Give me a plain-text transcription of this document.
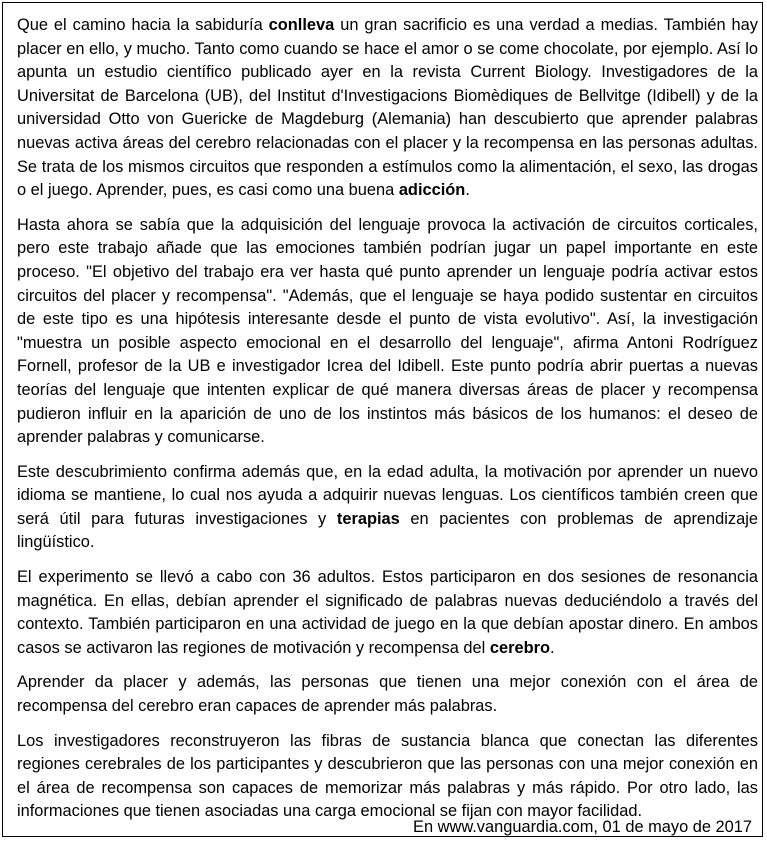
Que el camino hacia la sabiduría conlleva un gran sacrificio es una verdad a medias. También hay placer en ello, y mucho. Tanto como cuando se hace el amor o se come chocolate, por ejemplo. Así lo apunta un estudio científico publicado ayer en la revista Current Biology. Investigadores de la Universitat de Barcelona (UB), del Institut d'Investigacions Biomèdiques de Bellvitge (Idibell) y de la universidad Otto von Guericke de Magdeburg (Alemania) han descubierto que aprender palabras nuevas activa áreas del cerebro relacionadas con el placer y la recompensa en las personas adultas. Se trata de los mismos circuitos que responden a estímulos como la alimentación, el sexo, las drogas o el juego. Aprender, pues, es casi como una buena adicción.

Hasta ahora se sabía que la adquisición del lenguaje provoca la activación de circuitos corticales, pero este trabajo añade que las emociones también podrían jugar un papel importante en este proceso. "El objetivo del trabajo era ver hasta qué punto aprender un lenguaje podría activar estos circuitos del placer y recompensa". "Además, que el lenguaje se haya podido sustentar en circuitos de este tipo es una hipótesis interesante desde el punto de vista evolutivo". Así, la investigación "muestra un posible aspecto emocional en el desarrollo del lenguaje", afirma Antoni Rodríguez Fornell, profesor de la UB e investigador Icrea del Idibell. Este punto podría abrir puertas a nuevas teorías del lenguaje que intenten explicar de qué manera diversas áreas de placer y recompensa pudieron influir en la aparición de uno de los instintos más básicos de los humanos: el deseo de aprender palabras y comunicarse.

Este descubrimiento confirma además que, en la edad adulta, la motivación por aprender un nuevo idioma se mantiene, lo cual nos ayuda a adquirir nuevas lenguas. Los científicos también creen que será útil para futuras investigaciones y terapias en pacientes con problemas de aprendizaje lingüístico.

El experimento se llevó a cabo con 36 adultos. Estos participaron en dos sesiones de resonancia magnética. En ellas, debían aprender el significado de palabras nuevas deduciéndolo a través del contexto. También participaron en una actividad de juego en la que debían apostar dinero. En ambos casos se activaron las regiones de motivación y recompensa del cerebro.

Aprender da placer y además, las personas que tienen una mejor conexión con el área de recompensa del cerebro eran capaces de aprender más palabras.

Los investigadores reconstruyeron las fibras de sustancia blanca que conectan las diferentes regiones cerebrales de los participantes y descubrieron que las personas con una mejor conexión en el área de recompensa son capaces de memorizar más palabras y más rápido. Por otro lado, las informaciones que tienen asociadas una carga emocional se fijan con mayor facilidad.

En www.vanguardia.com, 01 de mayo de 2017
